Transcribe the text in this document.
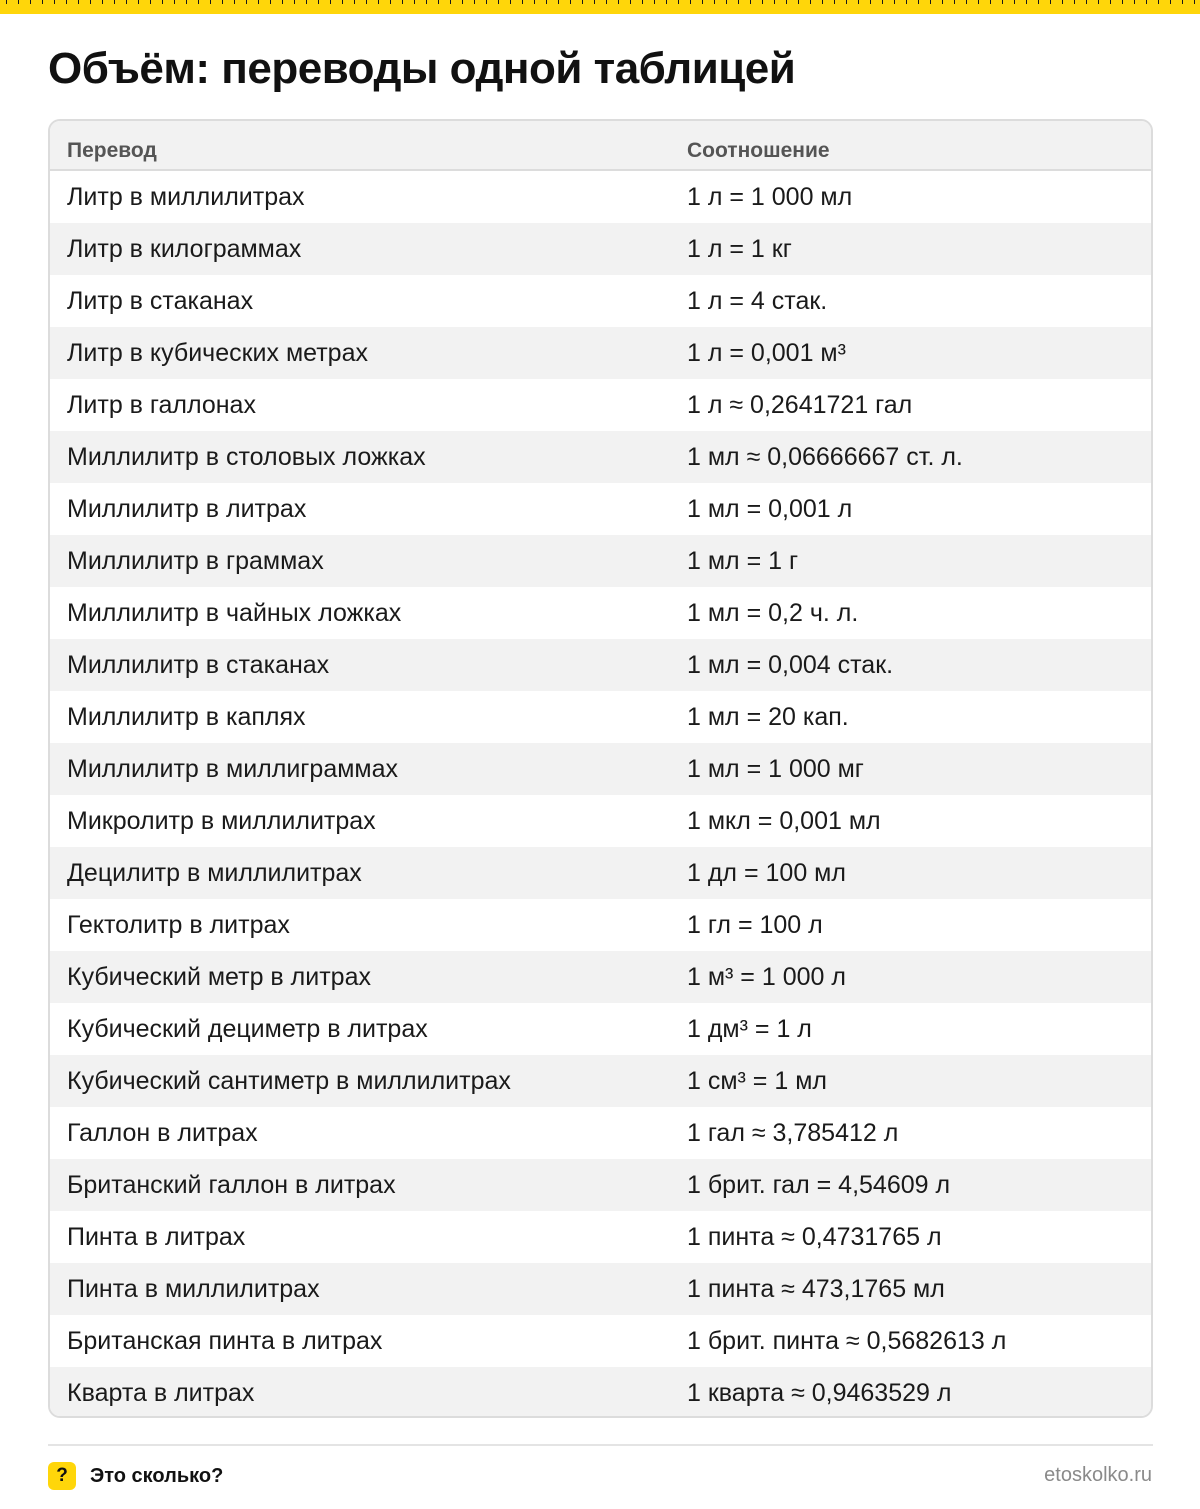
Объём: переводы одной таблицей
Перевод	Соотношение
Литр в миллилитрах	1 л = 1 000 мл
Литр в килограммах	1 л = 1 кг
Литр в стаканах	1 л = 4 стак.
Литр в кубических метрах	1 л = 0,001 м³
Литр в галлонах	1 л ≈ 0,2641721 гал
Миллилитр в столовых ложках	1 мл ≈ 0,06666667 ст. л.
Миллилитр в литрах	1 мл = 0,001 л
Миллилитр в граммах	1 мл = 1 г
Миллилитр в чайных ложках	1 мл = 0,2 ч. л.
Миллилитр в стаканах	1 мл = 0,004 стак.
Миллилитр в каплях	1 мл = 20 кап.
Миллилитр в миллиграммах	1 мл = 1 000 мг
Микролитр в миллилитрах	1 мкл = 0,001 мл
Децилитр в миллилитрах	1 дл = 100 мл
Гектолитр в литрах	1 гл = 100 л
Кубический метр в литрах	1 м³ = 1 000 л
Кубический дециметр в литрах	1 дм³ = 1 л
Кубический сантиметр в миллилитрах	1 см³ = 1 мл
Галлон в литрах	1 гал ≈ 3,785412 л
Британский галлон в литрах	1 брит. гал = 4,54609 л
Пинта в литрах	1 пинта ≈ 0,4731765 л
Пинта в миллилитрах	1 пинта ≈ 473,1765 мл
Британская пинта в литрах	1 брит. пинта ≈ 0,5682613 л
Кварта в литрах	1 кварта ≈ 0,9463529 л
?	Это сколько?	etoskolko.ru
